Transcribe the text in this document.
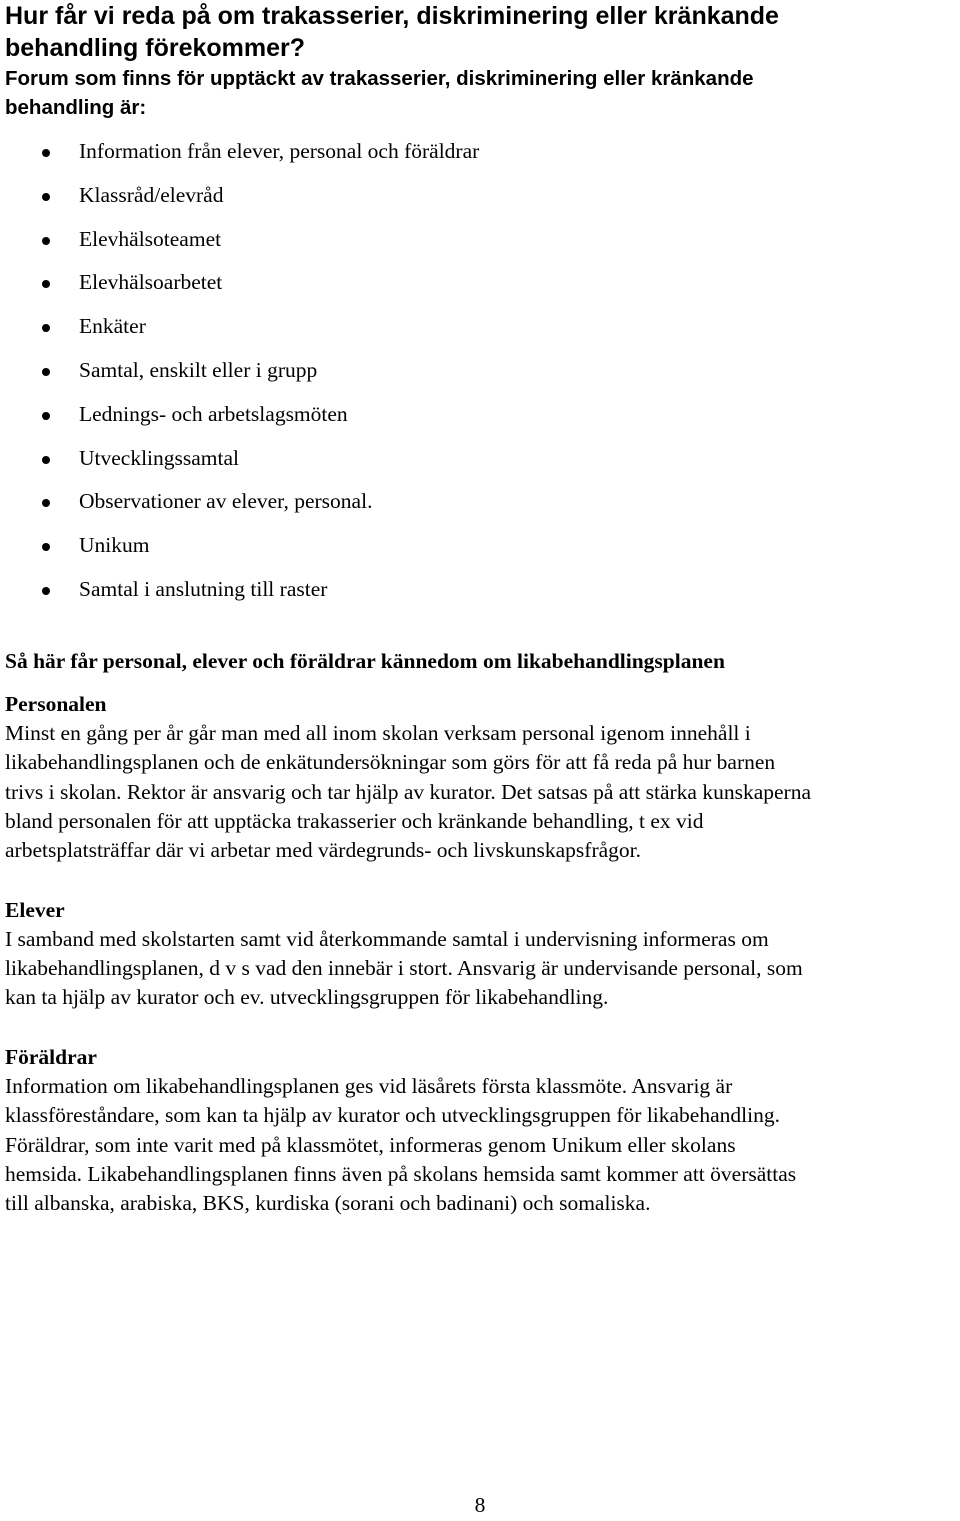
Hur får vi reda på om trakasserier, diskriminering eller kränkande
behandling förekommer?
Forum som finns för upptäckt av trakasserier, diskriminering eller kränkande
behandling är:
Information från elever, personal och föräldrar
Klassråd/elevråd
Elevhälsoteamet
Elevhälsoarbetet
Enkäter
Samtal, enskilt eller i grupp
Lednings- och arbetslagsmöten
Utvecklingssamtal
Observationer av elever, personal.
Unikum
Samtal i anslutning till raster
Så här får personal, elever och föräldrar kännedom om likabehandlingsplanen
Personalen
Minst en gång per år går man med all inom skolan verksam personal igenom innehåll i
likabehandlingsplanen och de enkätundersökningar som görs för att få reda på hur barnen
trivs i skolan. Rektor är ansvarig och tar hjälp av kurator. Det satsas på att stärka kunskaperna
bland personalen för att upptäcka trakasserier och kränkande behandling, t ex vid
arbetsplatsträffar där vi arbetar med värdegrunds- och livskunskapsfrågor.
Elever
I samband med skolstarten samt vid återkommande samtal i undervisning informeras om
likabehandlingsplanen, d v s vad den innebär i stort. Ansvarig är undervisande personal, som
kan ta hjälp av kurator och ev. utvecklingsgruppen för likabehandling.
Föräldrar
Information om likabehandlingsplanen ges vid läsårets första klassmöte. Ansvarig är
klassföreståndare, som kan ta hjälp av kurator och utvecklingsgruppen för likabehandling.
Föräldrar, som inte varit med på klassmötet, informeras genom Unikum eller skolans
hemsida. Likabehandlingsplanen finns även på skolans hemsida samt kommer att översättas
till albanska, arabiska, BKS, kurdiska (sorani och badinani) och somaliska.
8
